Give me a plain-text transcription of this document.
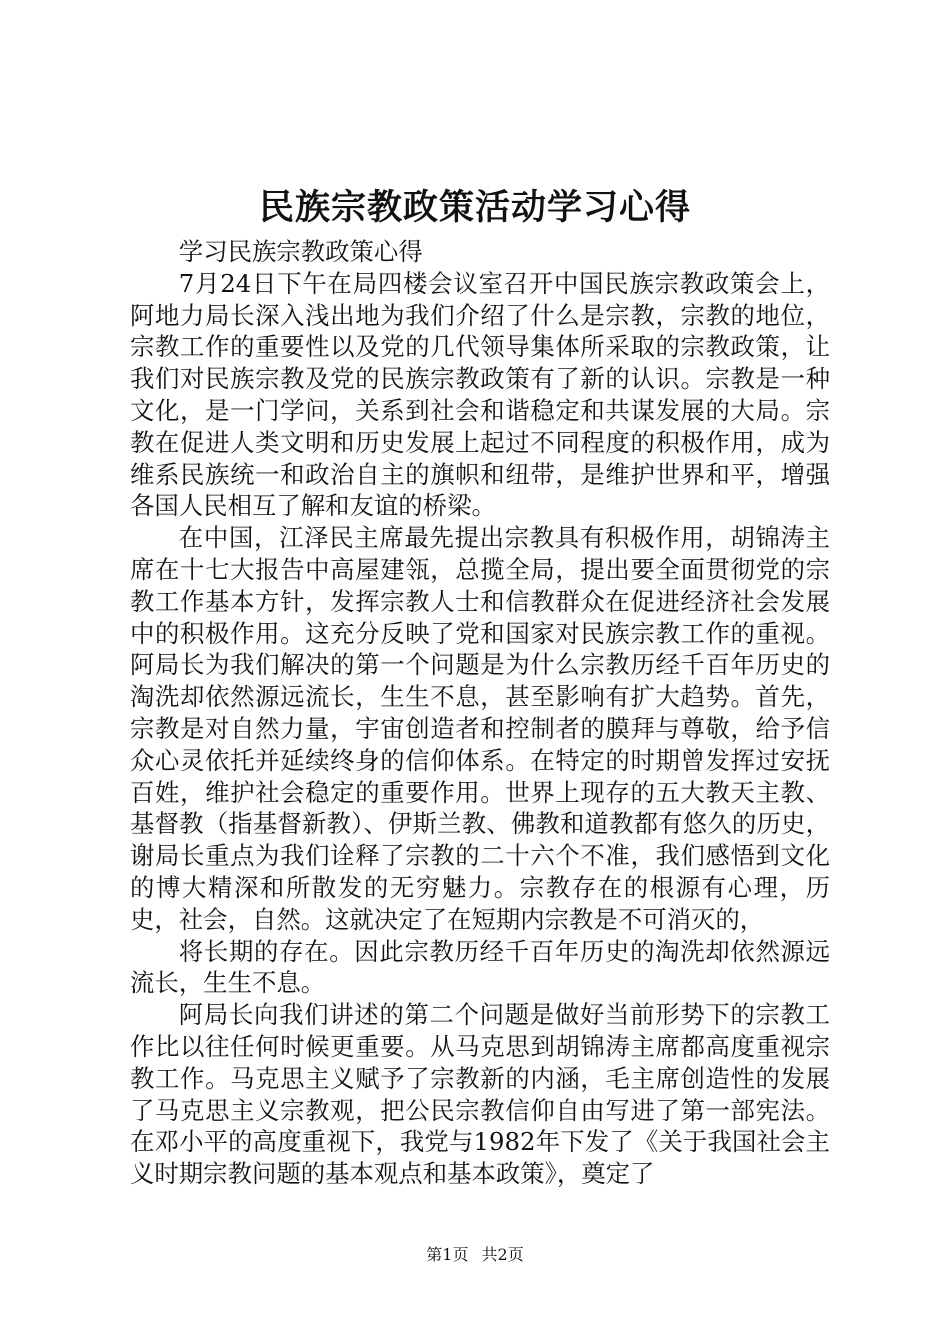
民族宗教政策活动学习心得

学习民族宗教政策心得

7月24日下午在局四楼会议室召开中国民族宗教政策会上，阿地力局长深入浅出地为我们介绍了什么是宗教，宗教的地位，宗教工作的重要性以及党的几代领导集体所采取的宗教政策，让我们对民族宗教及党的民族宗教政策有了新的认识。宗教是一种文化，是一门学问，关系到社会和谐稳定和共谋发展的大局。宗教在促进人类文明和历史发展上起过不同程度的积极作用，成为维系民族统一和政治自主的旗帜和纽带，是维护世界和平，增强各国人民相互了解和友谊的桥梁。

在中国，江泽民主席最先提出宗教具有积极作用，胡锦涛主席在十七大报告中高屋建瓴，总揽全局，提出要全面贯彻党的宗教工作基本方针，发挥宗教人士和信教群众在促进经济社会发展中的积极作用。这充分反映了党和国家对民族宗教工作的重视。阿局长为我们解决的第一个问题是为什么宗教历经千百年历史的淘洗却依然源远流长，生生不息，甚至影响有扩大趋势。首先，宗教是对自然力量，宇宙创造者和控制者的膜拜与尊敬，给予信众心灵依托并延续终身的信仰体系。在特定的时期曾发挥过安抚百姓，维护社会稳定的重要作用。世界上现存的五大教天主教、基督教（指基督新教）、伊斯兰教、佛教和道教都有悠久的历史，谢局长重点为我们诠释了宗教的二十六个不准，我们感悟到文化的博大精深和所散发的无穷魅力。宗教存在的根源有心理，历史，社会，自然。这就决定了在短期内宗教是不可消灭的，

将长期的存在。因此宗教历经千百年历史的淘洗却依然源远流长，生生不息。

阿局长向我们讲述的第二个问题是做好当前形势下的宗教工作比以往任何时候更重要。从马克思到胡锦涛主席都高度重视宗教工作。马克思主义赋予了宗教新的内涵，毛主席创造性的发展了马克思主义宗教观，把公民宗教信仰自由写进了第一部宪法。在邓小平的高度重视下，我党与1982年下发了《关于我国社会主义时期宗教问题的基本观点和基本政策》，奠定了

第1页 共2页
